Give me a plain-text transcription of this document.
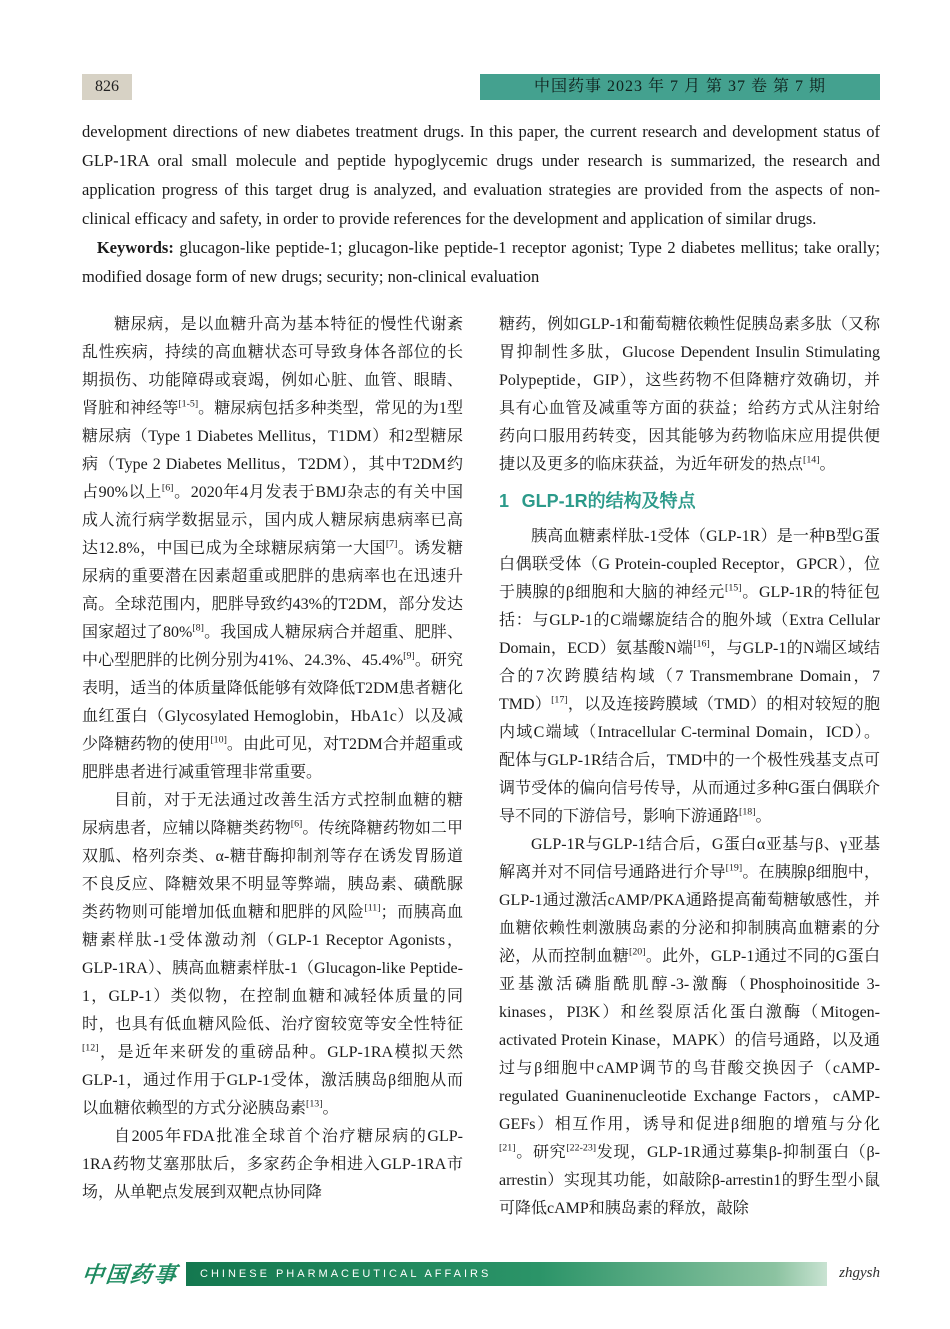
826	中国药事 2023 年 7 月 第 37 卷 第 7 期

development directions of new diabetes treatment drugs. In this paper, the current research and development status of GLP-1RA oral small molecule and peptide hypoglycemic drugs under research is summarized, the research and application progress of this target drug is analyzed, and evaluation strategies are provided from the aspects of non-clinical efficacy and safety, in order to provide references for the development and application of similar drugs.

Keywords: glucagon-like peptide-1; glucagon-like peptide-1 receptor agonist; Type 2 diabetes mellitus; take orally; modified dosage form of new drugs; security; non-clinical evaluation

糖尿病，是以血糖升高为基本特征的慢性代谢紊乱性疾病，持续的高血糖状态可导致身体各部位的长期损伤、功能障碍或衰竭，例如心脏、血管、眼睛、肾脏和神经等[1-5]。糖尿病包括多种类型，常见的为1型糖尿病（Type 1 Diabetes Mellitus，T1DM）和2型糖尿病（Type 2 Diabetes Mellitus，T2DM），其中T2DM约占90%以上[6]。2020年4月发表于BMJ杂志的有关中国成人流行病学数据显示，国内成人糖尿病患病率已高达12.8%，中国已成为全球糖尿病第一大国[7]。诱发糖尿病的重要潜在因素超重或肥胖的患病率也在迅速升高。全球范围内，肥胖导致约43%的T2DM，部分发达国家超过了80%[8]。我国成人糖尿病合并超重、肥胖、中心型肥胖的比例分别为41%、24.3%、45.4%[9]。研究表明，适当的体质量降低能够有效降低T2DM患者糖化血红蛋白（Glycosylated Hemoglobin，HbA1c）以及减少降糖药物的使用[10]。由此可见，对T2DM合并超重或肥胖患者进行减重管理非常重要。

目前，对于无法通过改善生活方式控制血糖的糖尿病患者，应辅以降糖类药物[6]。传统降糖药物如二甲双胍、格列奈类、α-糖苷酶抑制剂等存在诱发胃肠道不良反应、降糖效果不明显等弊端，胰岛素、磺酰脲类药物则可能增加低血糖和肥胖的风险[11]；而胰高血糖素样肽-1受体激动剂（GLP-1 Receptor Agonists，GLP-1RA）、胰高血糖素样肽-1（Glucagon-like Peptide-1，GLP-1）类似物，在控制血糖和减轻体质量的同时，也具有低血糖风险低、治疗窗较宽等安全性特征[12]，是近年来研发的重磅品种。GLP-1RA模拟天然GLP-1，通过作用于GLP-1受体，激活胰岛β细胞从而以血糖依赖型的方式分泌胰岛素[13]。

自2005年FDA批准全球首个治疗糖尿病的GLP-1RA药物艾塞那肽后，多家药企争相进入GLP-1RA市场，从单靶点发展到双靶点协同降

糖药，例如GLP-1和葡萄糖依赖性促胰岛素多肽（又称胃抑制性多肽，Glucose Dependent Insulin Stimulating Polypeptide，GIP），这些药物不但降糖疗效确切，并具有心血管及减重等方面的获益；给药方式从注射给药向口服用药转变，因其能够为药物临床应用提供便捷以及更多的临床获益，为近年研发的热点[14]。

1 GLP-1R的结构及特点

胰高血糖素样肽-1受体（GLP-1R）是一种B型G蛋白偶联受体（G Protein-coupled Receptor，GPCR），位于胰腺的β细胞和大脑的神经元[15]。GLP-1R的特征包括：与GLP-1的C端螺旋结合的胞外域（Extra Cellular Domain，ECD）氨基酸N端[16]，与GLP-1的N端区域结合的7次跨膜结构域（7 Transmembrane Domain，7 TMD）[17]，以及连接跨膜域（TMD）的相对较短的胞内域C端域（Intracellular C-terminal Domain，ICD）。配体与GLP-1R结合后，TMD中的一个极性残基支点可调节受体的偏向信号传导，从而通过多种G蛋白偶联介导不同的下游信号，影响下游通路[18]。

GLP-1R与GLP-1结合后，G蛋白α亚基与β、γ亚基解离并对不同信号通路进行介导[19]。在胰腺β细胞中，GLP-1通过激活cAMP/PKA通路提高葡萄糖敏感性，并血糖依赖性刺激胰岛素的分泌和抑制胰高血糖素的分泌，从而控制血糖[20]。此外，GLP-1通过不同的G蛋白亚基激活磷脂酰肌醇-3-激酶（Phosphoinositide 3-kinases，PI3K）和丝裂原活化蛋白激酶（Mitogen-activated Protein Kinase，MAPK）的信号通路，以及通过与β细胞中cAMP调节的鸟苷酸交换因子（cAMP-regulated Guaninenucleotide Exchange Factors，cAMP-GEFs）相互作用，诱导和促进β细胞的增殖与分化[21]。研究[22-23]发现，GLP-1R通过募集β-抑制蛋白（β-arrestin）实现其功能，如敲除β-arrestin1的野生型小鼠可降低cAMP和胰岛素的释放，敲除

中国药事	CHINESE PHARMACEUTICAL AFFAIRS	zhgysh
